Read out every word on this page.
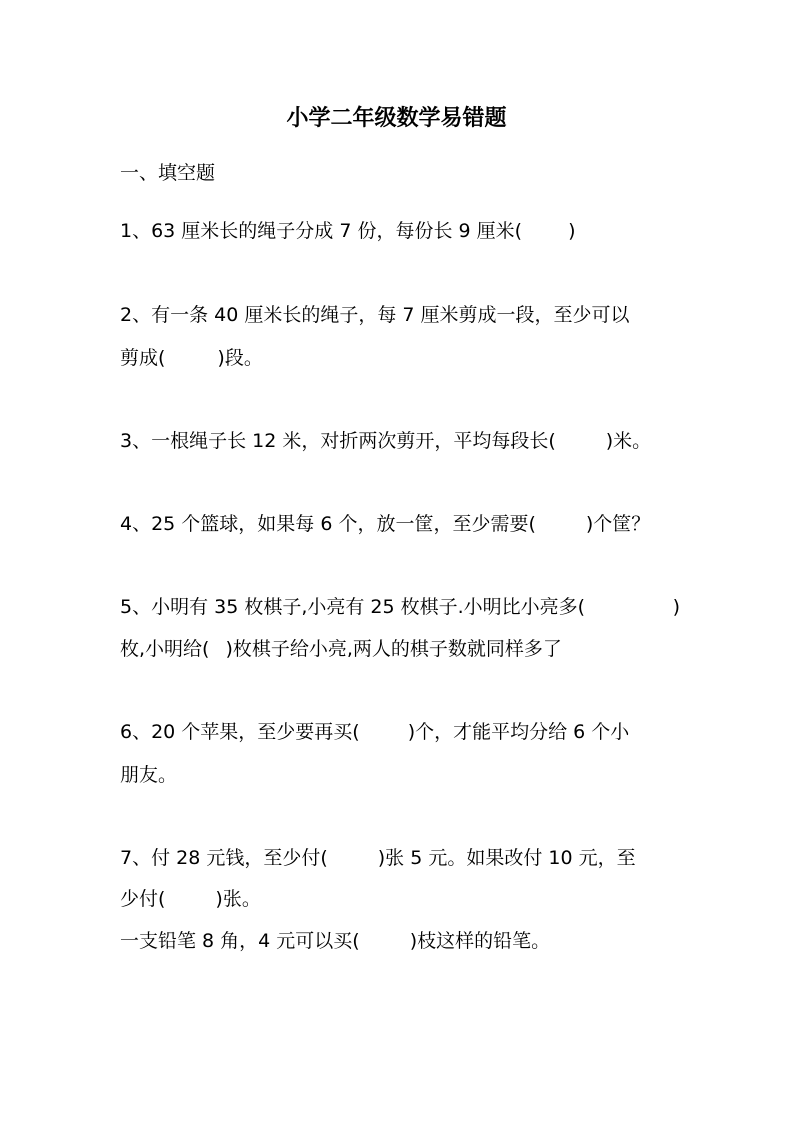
小学二年级数学易错题
一、填空题
1、63 厘米长的绳子分成 7 份，每份长 9 厘米( )
2、有一条 40 厘米长的绳子，每 7 厘米剪成一段，至少可以
剪成(	)段。
3、一根绳子长 12 米，对折两次剪开，平均每段长(	)米。
4、25 个篮球，如果每 6 个，放一筐，至少需要(	)个筐？
5、小明有 35 枚棋子,小亮有 25 枚棋子.小明比小亮多(	)
枚,小明给( )枚棋子给小亮,两人的棋子数就同样多了
6、20 个苹果，至少要再买(	)个，才能平均分给 6 个小
朋友。
7、付 28 元钱，至少付(	)张 5 元。如果改付 10 元，至
少付(	)张。
一支铅笔 8 角，4 元可以买(	)枝这样的铅笔。
